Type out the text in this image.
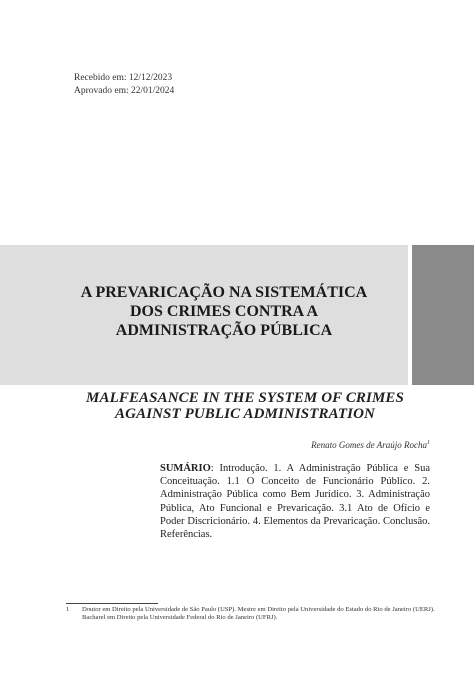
Recebido em: 12/12/2023
Aprovado em: 22/01/2024
A PREVARICAÇÃO NA SISTEMÁTICA
DOS CRIMES CONTRA A
ADMINISTRAÇÃO PÚBLICA
MALFEASANCE IN THE SYSTEM OF CRIMES
AGAINST PUBLIC ADMINISTRATION
Renato Gomes de Araújo Rocha$^1$
SUMÁRIO: Introdução. 1. A Administração Pública e Sua Conceituação. 1.1 O Conceito de Funcionário Público. 2. Administração Pública como Bem Jurídico. 3. Administração Pública, Ato Funcional e Prevaricação. 3.1 Ato de Ofício e Poder Discricionário. 4. Elementos da Prevaricação. Conclusão. Referências.
1	Doutor em Direito pela Universidade de São Paulo (USP). Mestre em Direito pela Universidade do Estado do Rio de Janeiro (UERJ). Bacharel em Direito pela Universidade Federal do Rio de Janeiro (UFRJ).
